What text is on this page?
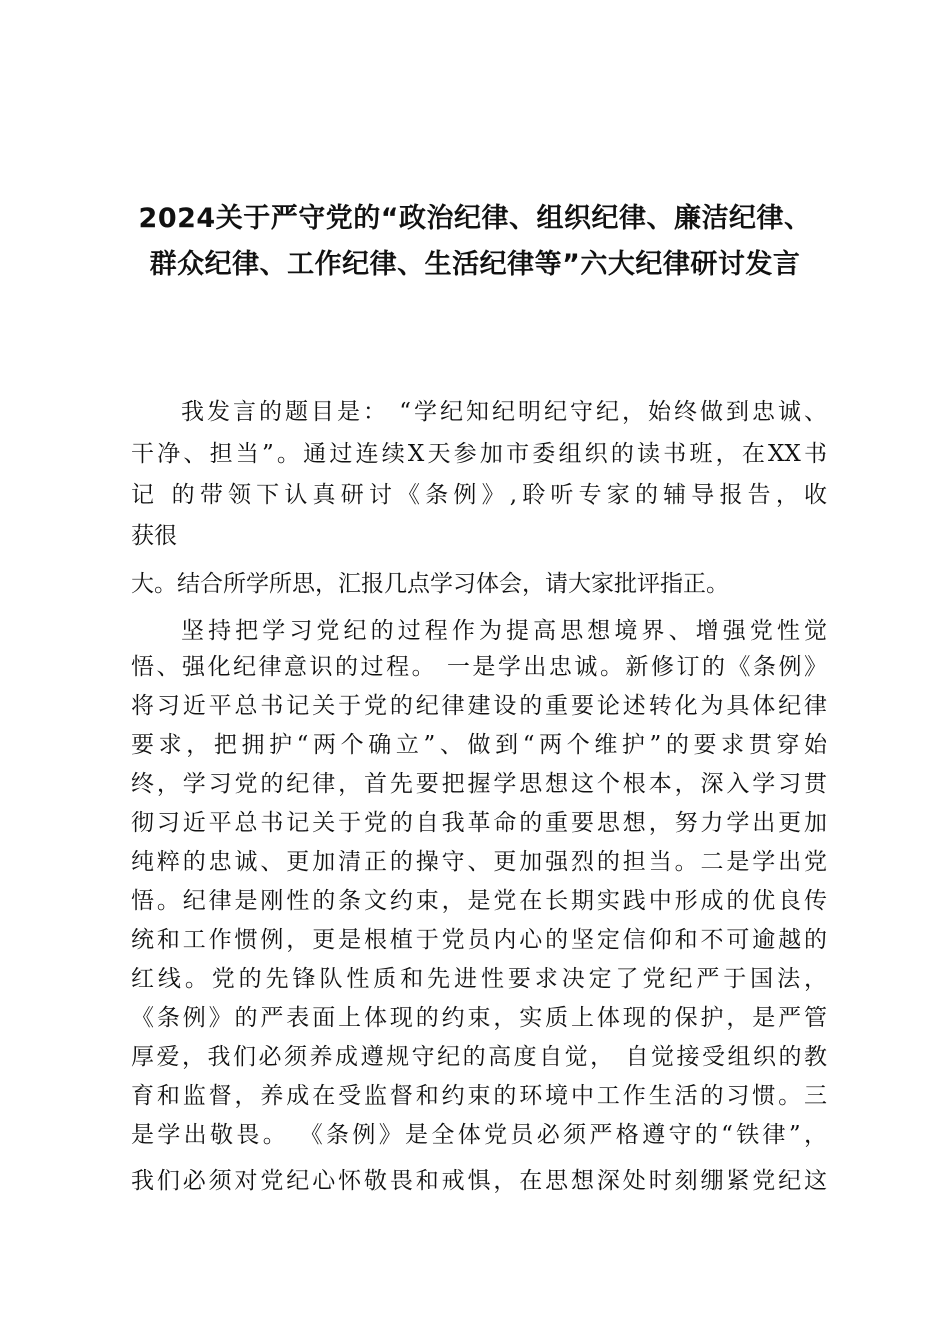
2024关于严守党的“政治纪律、组织纪律、廉洁纪律、
群众纪律、工作纪律、生活纪律等”六大纪律研讨发言
我发言的题目是： “学纪知纪明纪守纪，始终做到忠诚、
干净、担当”。通过连续X天参加市委组织的读书班，在XX书
记 的带领下认真研讨《条例》,聆听专家的辅导报告，收
获很
大。结合所学所思，汇报几点学习体会，请大家批评指正。
坚持把学习党纪的过程作为提高思想境界、增强党性觉
悟、强化纪律意识的过程。 一是学出忠诚。新修订的《条例》
将习近平总书记关于党的纪律建设的重要论述转化为具体纪律
要求，把拥护“两个确立”、做到“两个维护”的要求贯穿始
终，学习党的纪律，首先要把握学思想这个根本，深入学习贯
彻习近平总书记关于党的自我革命的重要思想，努力学出更加
纯粹的忠诚、更加清正的操守、更加强烈的担当。二是学出党
悟。纪律是刚性的条文约束，是党在长期实践中形成的优良传
统和工作惯例，更是根植于党员内心的坚定信仰和不可逾越的
红线。党的先锋队性质和先进性要求决定了党纪严于国法，
《条例》的严表面上体现的约束，实质上体现的保护，是严管
厚爱，我们必须养成遵规守纪的高度自觉， 自觉接受组织的教
育和监督，养成在受监督和约束的环境中工作生活的习惯。三
是学出敬畏。 《条例》是全体党员必须严格遵守的“铁律”，
我们必须对党纪心怀敬畏和戒惧，在思想深处时刻绷紧党纪这
